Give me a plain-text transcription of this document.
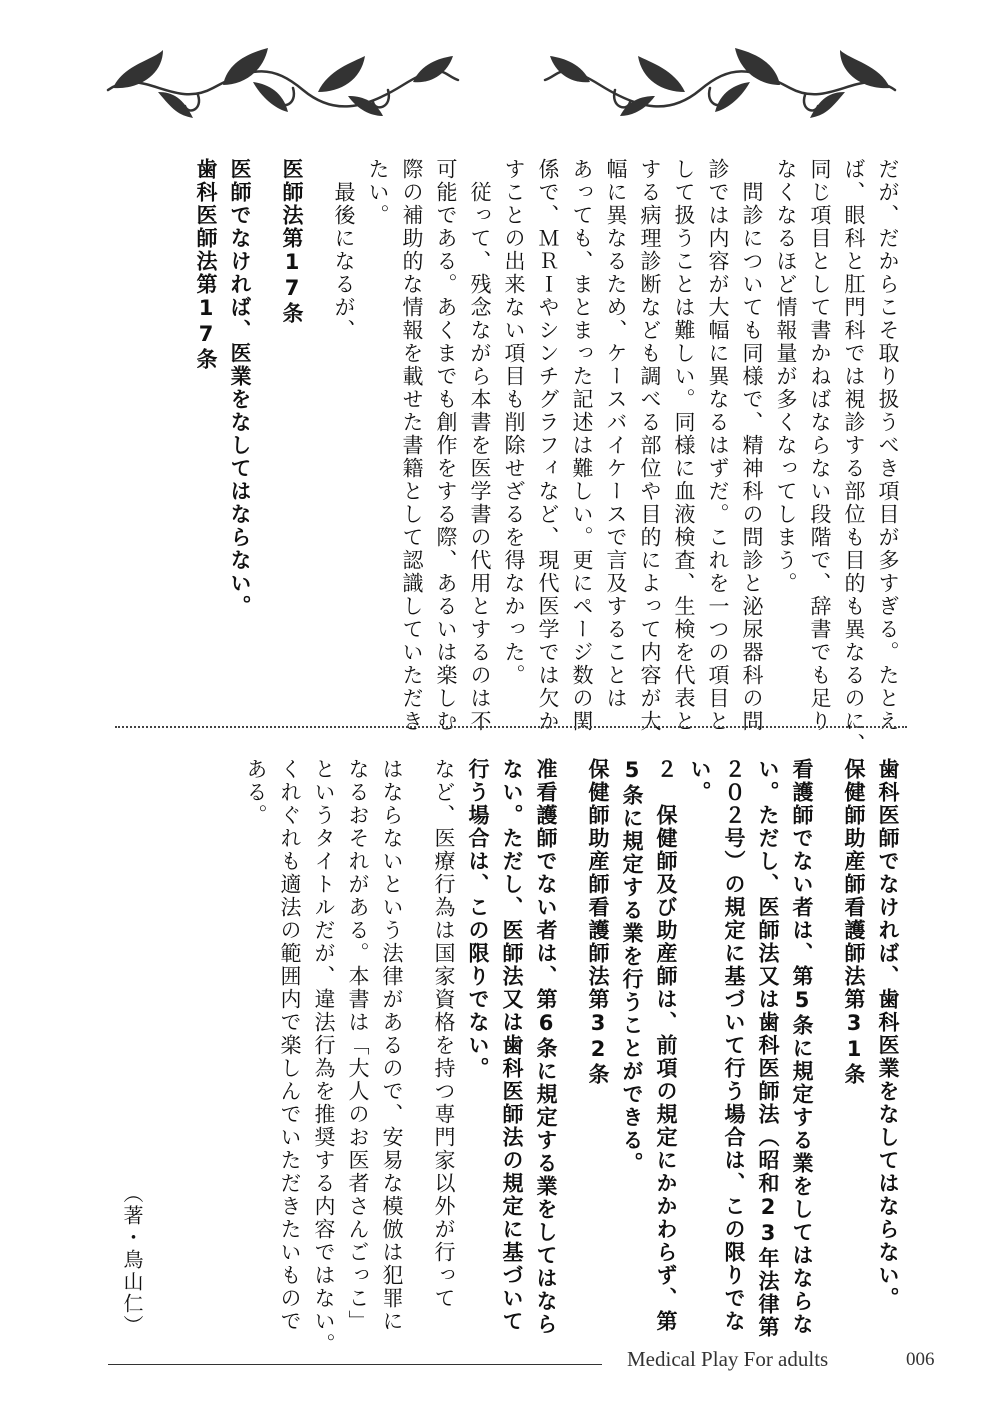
だが、だからこそ取り扱うべき項目が多すぎる。たとえ
ば、眼科と肛門科では視診する部位も目的も異なるのに、
同じ項目として書かねばならない段階で、辞書でも足り
なくなるほど情報量が多くなってしまう。
　問診についても同様で、精神科の問診と泌尿器科の問
診では内容が大幅に異なるはずだ。これを一つの項目と
して扱うことは難しい。同様に血液検査、生検を代表と
する病理診断なども調べる部位や目的によって内容が大
幅に異なるため、ケースバイケースで言及することは
あっても、まとまった記述は難しい。更にページ数の関
係で、ＭＲＩやシンチグラフィなど、現代医学では欠か
すことの出来ない項目も削除せざるを得なかった。
　従って、残念ながら本書を医学書の代用とするのは不
可能である。あくまでも創作をする際、あるいは楽しむ
際の補助的な情報を載せた書籍として認識していただき
たい。
　最後になるが、
医師法第17条
医師でなければ、医業をなしてはならない。
歯科医師法第17条
歯科医師でなければ、歯科医業をなしてはならない。
保健師助産師看護師法第31条
看護師でない者は、第5条に規定する業をしてはならな
い。ただし、医師法又は歯科医師法（昭和23年法律第
２０２号）の規定に基づいて行う場合は、この限りでな
い。
２　保健師及び助産師は、前項の規定にかかわらず、第
5条に規定する業を行うことができる。
保健師助産師看護師法第32条
准看護師でない者は、第6条に規定する業をしてはなら
ない。ただし、医師法又は歯科医師法の規定に基づいて
行う場合は、この限りでない。
など、医療行為は国家資格を持つ専門家以外が行って
はならないという法律があるので、安易な模倣は犯罪に
なるおそれがある。本書は「大人のお医者さんごっこ」
というタイトルだが、違法行為を推奨する内容ではない。
くれぐれも適法の範囲内で楽しんでいただきたいもので
ある。
（著・鳥山仁）
Medical Play For adults	006
